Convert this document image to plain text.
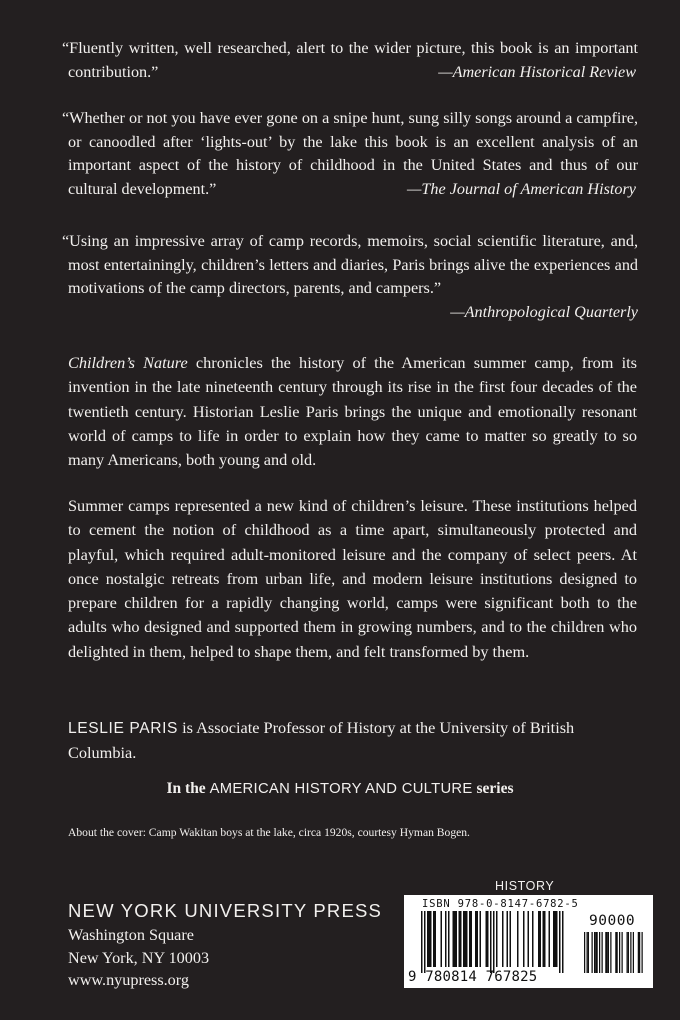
“Fluently written, well researched, alert to the wider picture, this book is an important contribution.”	—American Historical Review
“Whether or not you have ever gone on a snipe hunt, sung silly songs around a campfire, or canoodled after ‘lights-out’ by the lake this book is an excellent analysis of an important aspect of the history of childhood in the United States and thus of our cultural development.”	—The Journal of American History
“Using an impressive array of camp records, memoirs, social scientific literature, and, most entertainingly, children’s letters and diaries, Paris brings alive the experiences and motivations of the camp directors, parents, and campers.”
—Anthropological Quarterly
Children’s Nature chronicles the history of the American summer camp, from its invention in the late nineteenth century through its rise in the first four decades of the twentieth century. Historian Leslie Paris brings the unique and emotionally resonant world of camps to life in order to explain how they came to matter so greatly to so many Americans, both young and old.
Summer camps represented a new kind of children’s leisure. These institutions helped to cement the notion of childhood as a time apart, simultaneously protected and playful, which required adult-monitored leisure and the company of select peers. At once nostalgic retreats from urban life, and modern leisure institutions designed to prepare children for a rapidly changing world, camps were significant both to the adults who designed and supported them in growing numbers, and to the children who delighted in them, helped to shape them, and felt transformed by them.
LESLIE PARIS is Associate Professor of History at the University of British Columbia.
In the AMERICAN HISTORY AND CULTURE series
About the cover: Camp Wakitan boys at the lake, circa 1920s, courtesy Hyman Bogen.
NEW YORK UNIVERSITY PRESS
Washington Square
New York, NY 10003
www.nyupress.org
HISTORY
ISBN 978-0-8147-6782-5
90000
9 780814 767825
